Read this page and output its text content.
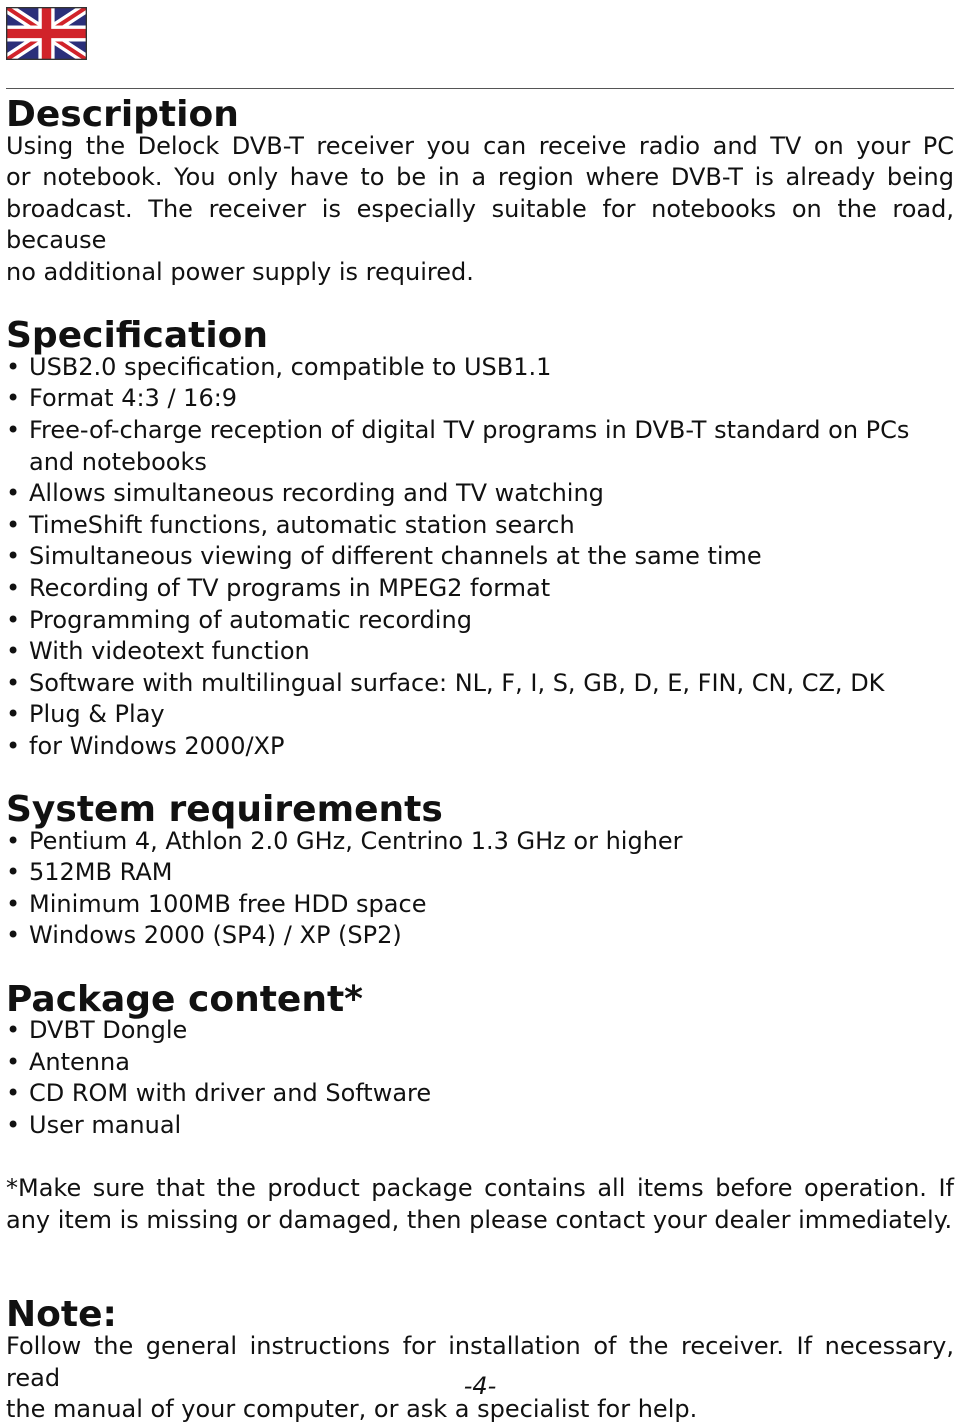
Description

Using the Delock DVB-T receiver you can receive radio and TV on your PC

or notebook. You only have to be in a region where DVB-T is already being

broadcast. The receiver is especially suitable for notebooks on the road, because

no additional power supply is required.

Specification
• USB2.0 specification, compatible to USB1.1
• Format 4:3 / 16:9
• Free-of-charge reception of digital TV programs in DVB-T standard on PCs and notebooks
• Allows simultaneous recording and TV watching
• TimeShift functions, automatic station search
• Simultaneous viewing of different channels at the same time
• Recording of TV programs in MPEG2 format
• Programming of automatic recording
• With videotext function
• Software with multilingual surface: NL, F, I, S, GB, D, E, FIN, CN, CZ, DK
• Plug & Play
• for Windows 2000/XP
System requirements
• Pentium 4, Athlon 2.0 GHz, Centrino 1.3 GHz or higher
• 512MB RAM
• Minimum 100MB free HDD space
• Windows 2000 (SP4) / XP (SP2)
Package content*
• DVBT Dongle
• Antenna
• CD ROM with driver and Software
• User manual

*Make sure that the product package contains all items before operation. If

any item is missing or damaged, then please contact your dealer immediately.

Note:

Follow the general instructions for installation of the receiver. If necessary, read

the manual of your computer, or ask a specialist for help.

-4-
